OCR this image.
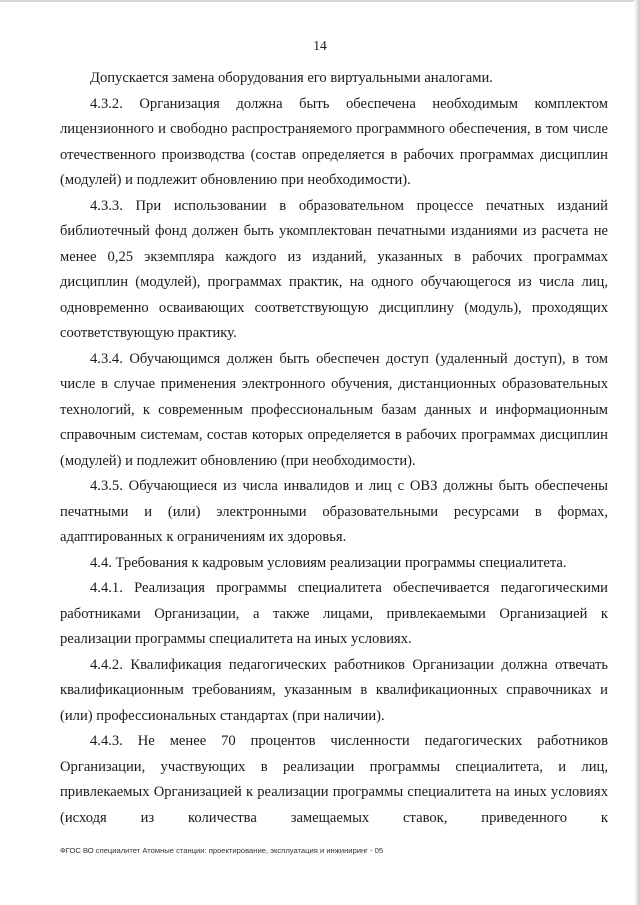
14

Допускается замена оборудования его виртуальными аналогами.

4.3.2. Организация должна быть обеспечена необходимым комплектом лицензионного и свободно распространяемого программного обеспечения, в том числе отечественного производства (состав определяется в рабочих программах дисциплин (модулей) и подлежит обновлению при необходимости).

4.3.3. При использовании в образовательном процессе печатных изданий библиотечный фонд должен быть укомплектован печатными изданиями из расчета не менее 0,25 экземпляра каждого из изданий, указанных в рабочих программах дисциплин (модулей), программах практик, на одного обучающегося из числа лиц, одновременно осваивающих соответствующую дисциплину (модуль), проходящих соответствующую практику.

4.3.4. Обучающимся должен быть обеспечен доступ (удаленный доступ), в том числе в случае применения электронного обучения, дистанционных образовательных технологий, к современным профессиональным базам данных и информационным справочным системам, состав которых определяется в рабочих программах дисциплин (модулей) и подлежит обновлению (при необходимости).

4.3.5. Обучающиеся из числа инвалидов и лиц с ОВЗ должны быть обеспечены печатными и (или) электронными образовательными ресурсами в формах, адаптированных к ограничениям их здоровья.

4.4. Требования к кадровым условиям реализации программы специалитета.

4.4.1. Реализация программы специалитета обеспечивается педагогическими работниками Организации, а также лицами, привлекаемыми Организацией к реализации программы специалитета на иных условиях.

4.4.2. Квалификация педагогических работников Организации должна отвечать квалификационным требованиям, указанным в квалификационных справочниках и (или) профессиональных стандартах (при наличии).

4.4.3. Не менее 70 процентов численности педагогических работников Организации, участвующих в реализации программы специалитета, и лиц, привлекаемых Организацией к реализации программы специалитета на иных условиях (исходя из количества замещаемых ставок, приведенного к

ФГОС ВО специалитет Атомные станции: проектирование, эксплуатация и инжиниринг - 05
